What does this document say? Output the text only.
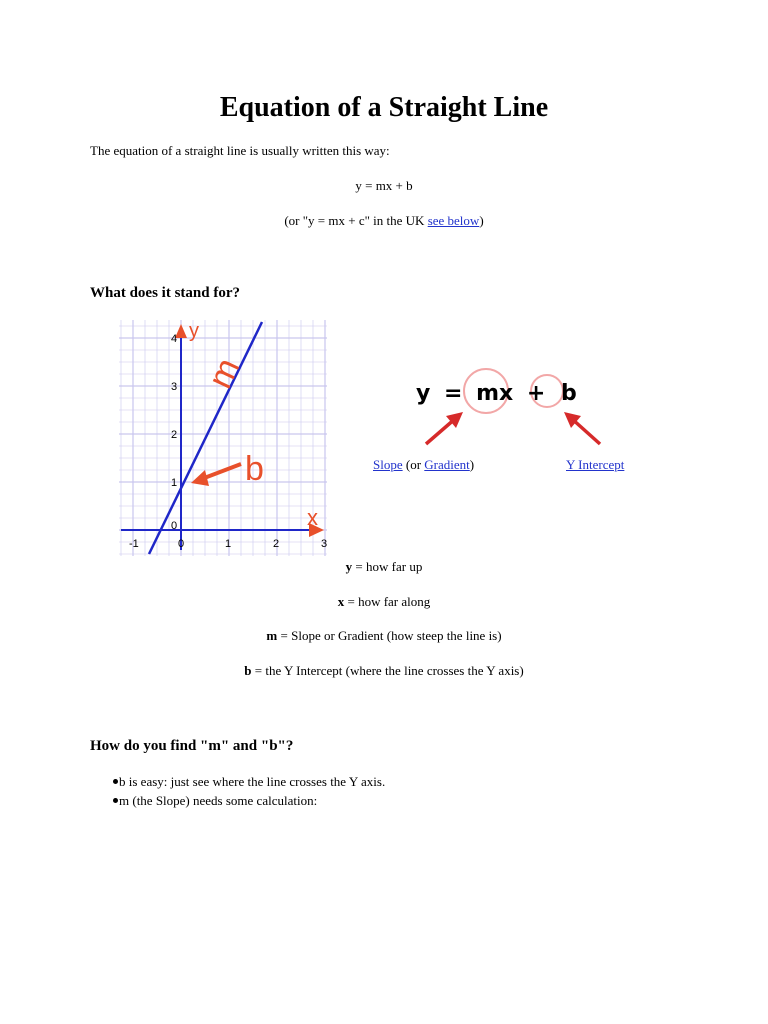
Equation of a Straight Line
The equation of a straight line is usually written this way:
y = mx + b
(or "y = mx + c" in the UK see below)
What does it stand for?
y
x
m
b
-1	1	2	3
0
0
1
2
3
4
y = mx + b
Slope (or Gradient)	Y Intercept
y = how far up
x = how far along
m = Slope or Gradient (how steep the line is)
b = the Y Intercept (where the line crosses the Y axis)
How do you find "m" and "b"?
b is easy: just see where the line crosses the Y axis.
m (the Slope) needs some calculation:
